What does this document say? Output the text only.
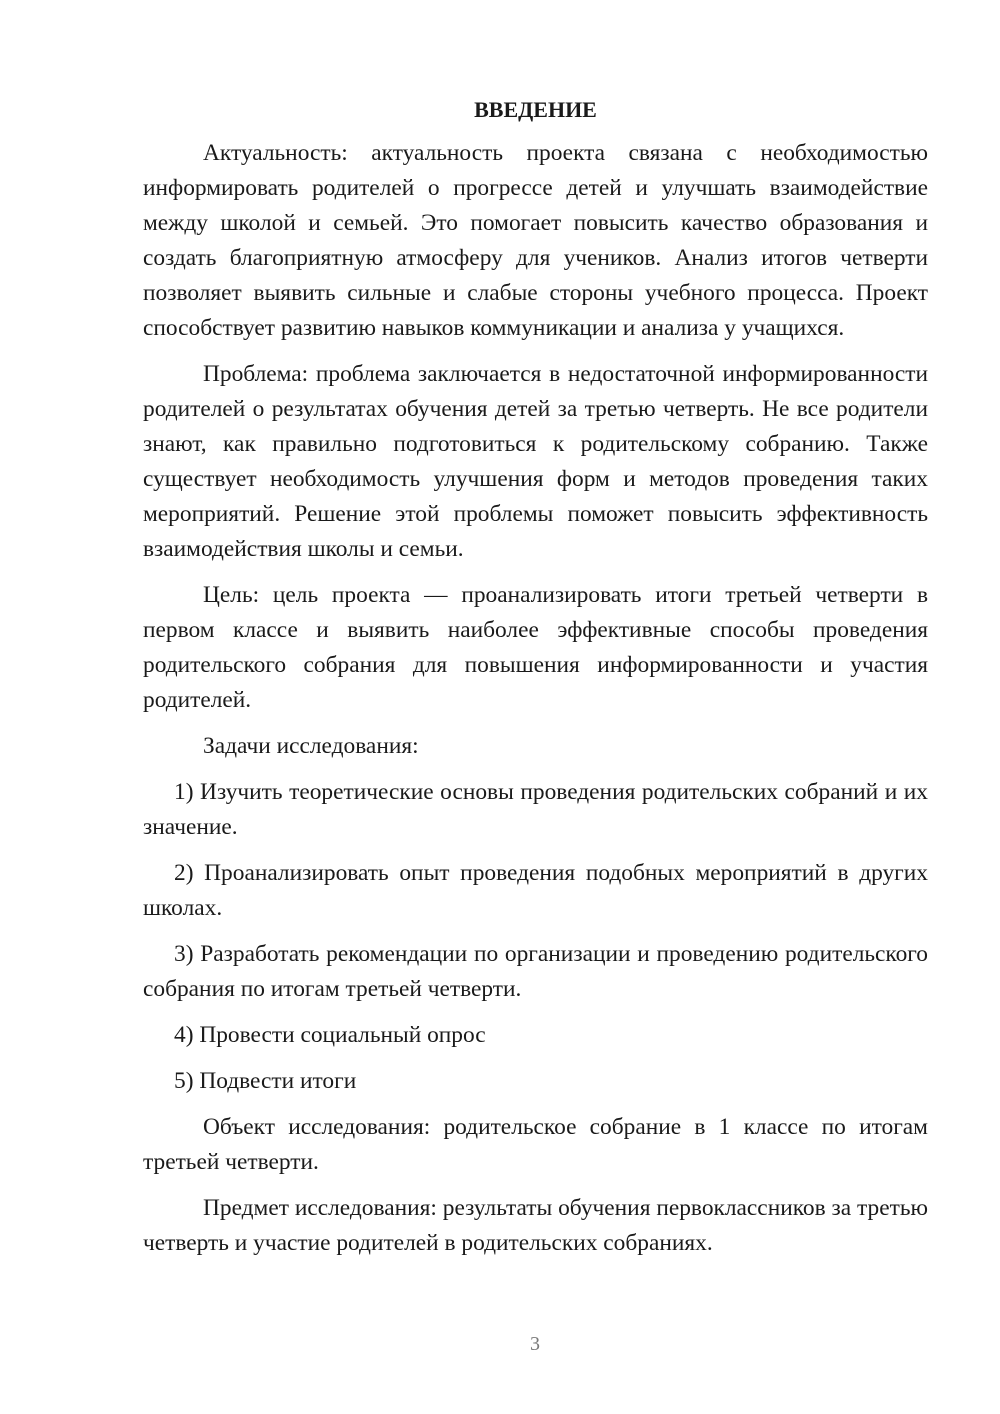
ВВЕДЕНИЕ

Актуальность: актуальность проекта связана с необходимостью информировать родителей о прогрессе детей и улучшать взаимодействие между школой и семьей. Это помогает повысить качество образования и создать благоприятную атмосферу для учеников. Анализ итогов четверти позволяет выявить сильные и слабые стороны учебного процесса. Проект способствует развитию навыков коммуникации и анализа у учащихся.

Проблема: проблема заключается в недостаточной информированности родителей о результатах обучения детей за третью четверть. Не все родители знают, как правильно подготовиться к родительскому собранию. Также существует необходимость улучшения форм и методов проведения таких мероприятий. Решение этой проблемы поможет повысить эффективность взаимодействия школы и семьи.

Цель: цель проекта — проанализировать итоги третьей четверти в первом классе и выявить наиболее эффективные способы проведения родительского собрания для повышения информированности и участия родителей.

Задачи исследования:

1) Изучить теоретические основы проведения родительских собраний и их значение.

2) Проанализировать опыт проведения подобных мероприятий в других школах.

3) Разработать рекомендации по организации и проведению родительского собрания по итогам третьей четверти.

4) Провести социальный опрос

5) Подвести итоги

Объект исследования: родительское собрание в 1 классе по итогам третьей четверти.

Предмет исследования: результаты обучения первоклассников за третью четверть и участие родителей в родительских собраниях.

3
